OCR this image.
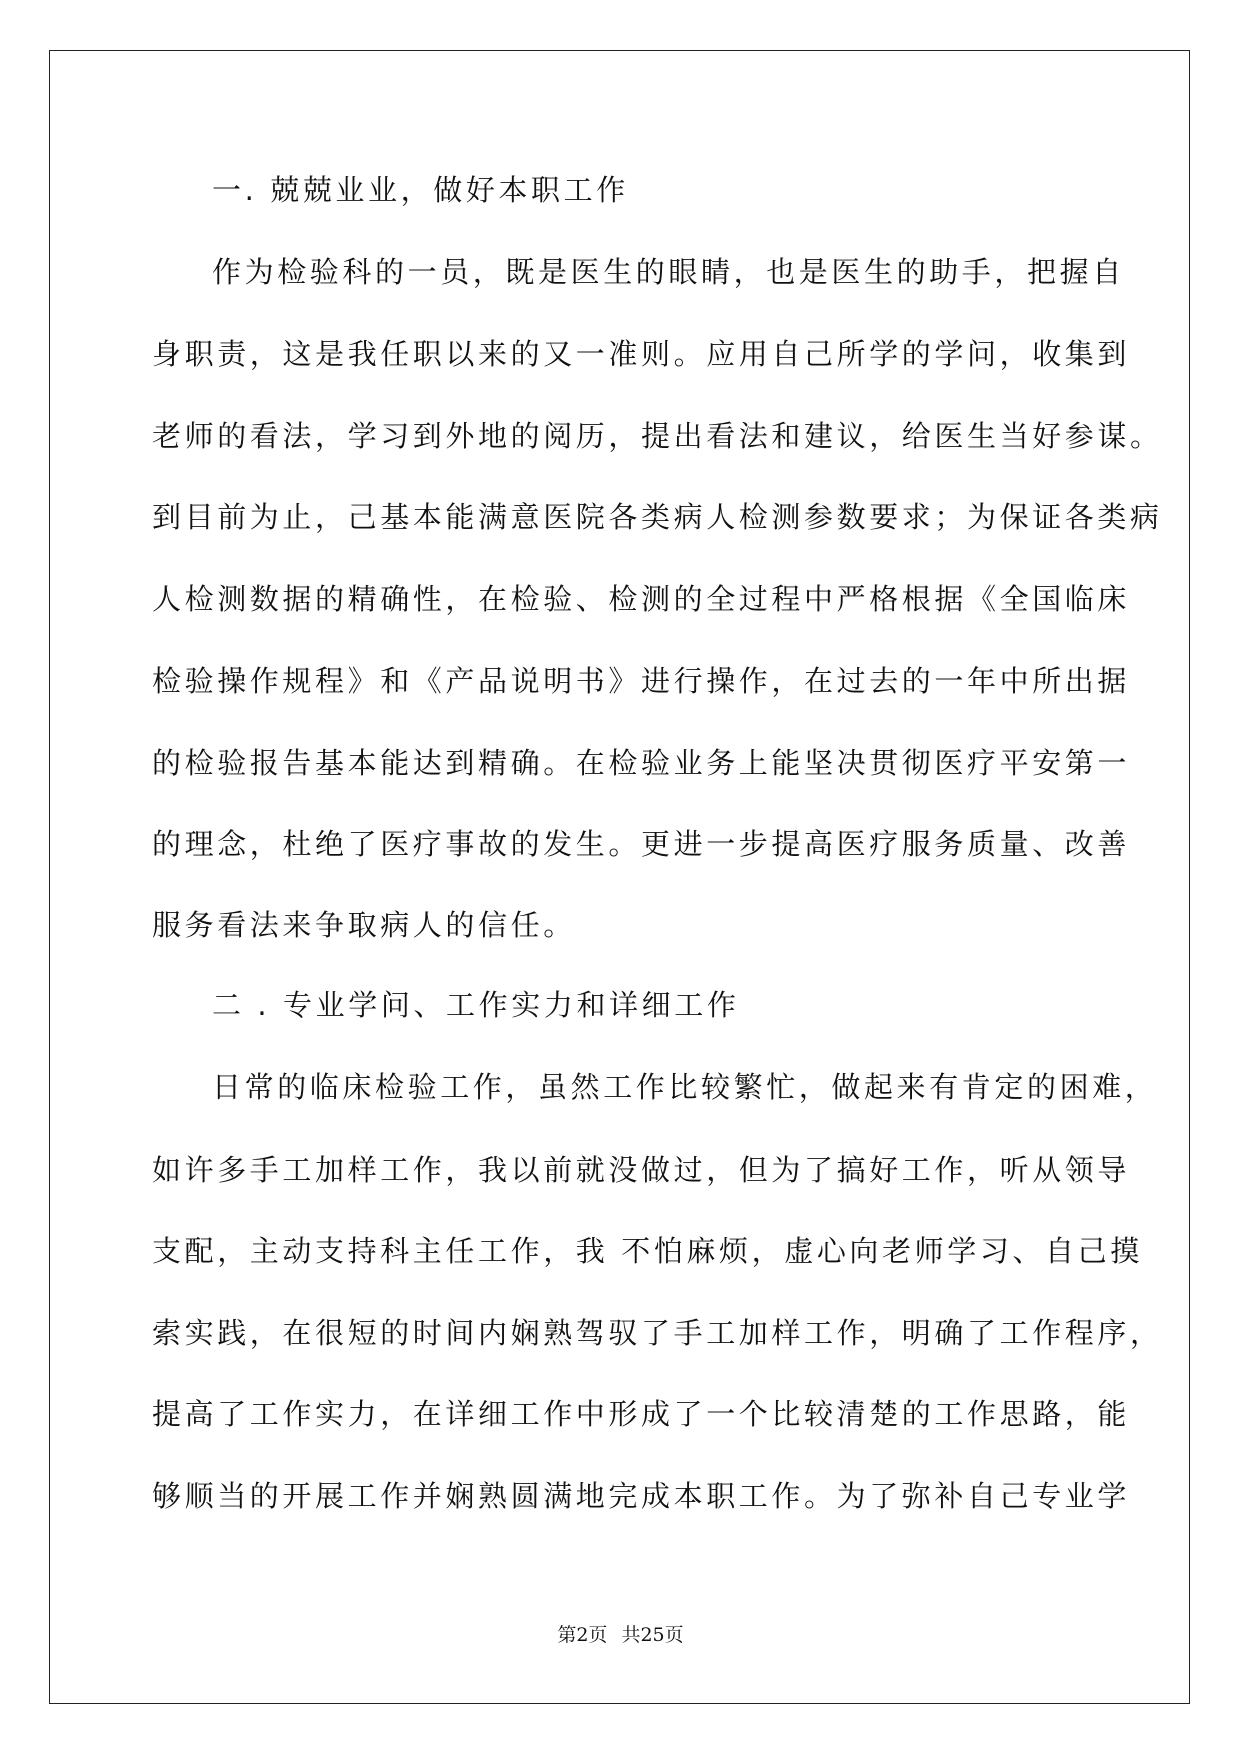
一. 兢兢业业，做好本职工作

作为检验科的一员，既是医生的眼睛，也是医生的助手，把握自

身职责，这是我任职以来的又一准则。应用自己所学的学问，收集到

老师的看法，学习到外地的阅历，提出看法和建议，给医生当好参谋。

到目前为止，己基本能满意医院各类病人检测参数要求；为保证各类病

人检测数据的精确性，在检验、检测的全过程中严格根据《全国临床

检验操作规程》和《产品说明书》进行操作，在过去的一年中所出据

的检验报告基本能达到精确。在检验业务上能坚决贯彻医疗平安第一

的理念，杜绝了医疗事故的发生。更进一步提高医疗服务质量、改善

服务看法来争取病人的信任。

二 . 专业学问、工作实力和详细工作

日常的临床检验工作，虽然工作比较繁忙，做起来有肯定的困难，

如许多手工加样工作，我以前就没做过，但为了搞好工作，听从领导

支配，主动支持科主任工作，我 不怕麻烦，虚心向老师学习、自己摸

索实践，在很短的时间内娴熟驾驭了手工加样工作，明确了工作程序，

提高了工作实力，在详细工作中形成了一个比较清楚的工作思路，能

够顺当的开展工作并娴熟圆满地完成本职工作。为了弥补自己专业学

第2页 共25页
